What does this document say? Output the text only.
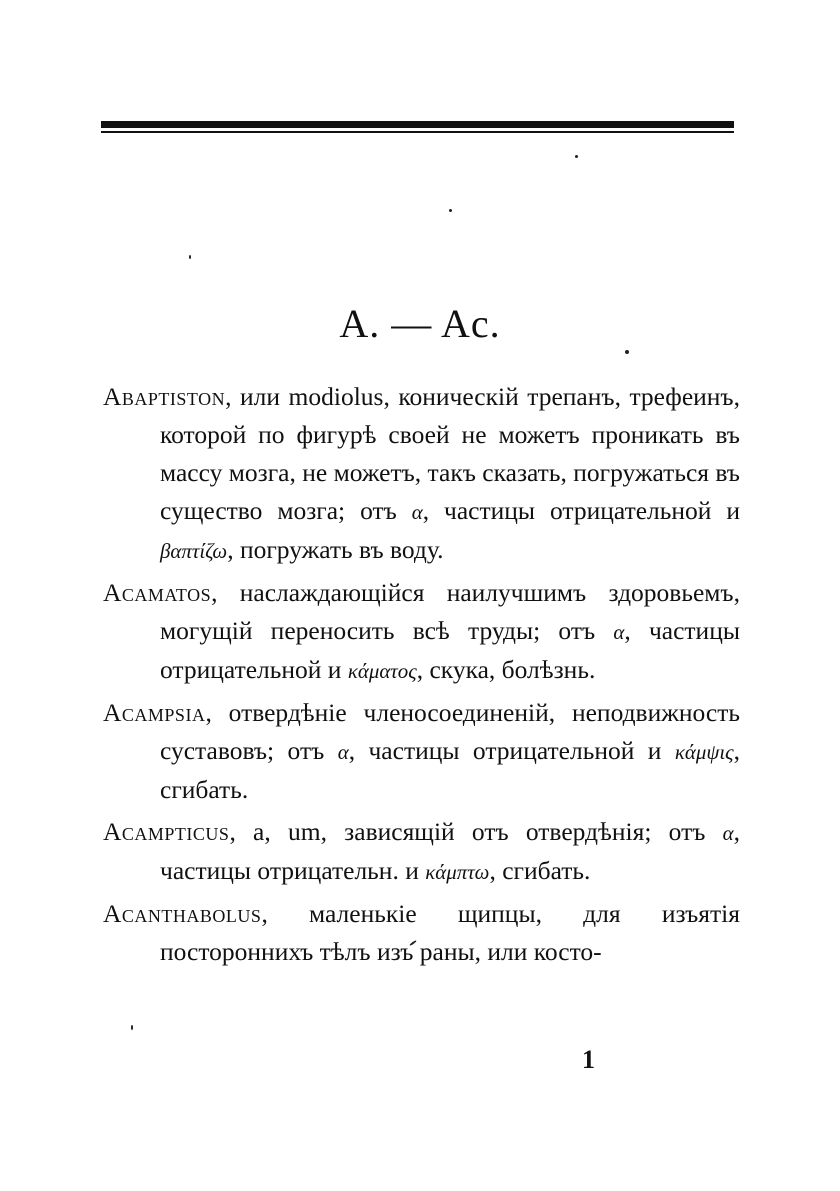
A. — Ac.

Abaptiston, или modiolus, коническій трепанъ, трефеинъ, которой по фигурѣ своей не можетъ проникать въ массу мозга, не можетъ, такъ сказать, погружаться въ существо мозга; отъ α, частицы отрицательной и βαπτίζω, погружать въ воду.

Acamatos, наслаждающійся наилучшимъ здоровьемъ, могущій переносить всѣ труды; отъ α, частицы отрицательной и κάματος, скука, болѣзнь.

Acampsia, отвердѣніе членосоединеній, неподвижность суставовъ; отъ α, частицы отрицательной и κάμψις, сгибать.

Acampticus, a, um, зависящій отъ отвердѣнія; отъ α, частицы отрицательн. и κάμπτω, сгибать.

Acanthabolus, маленькіе щипцы, для изъятія постороннихъ тѣлъ изъ раны, или косто-

1
